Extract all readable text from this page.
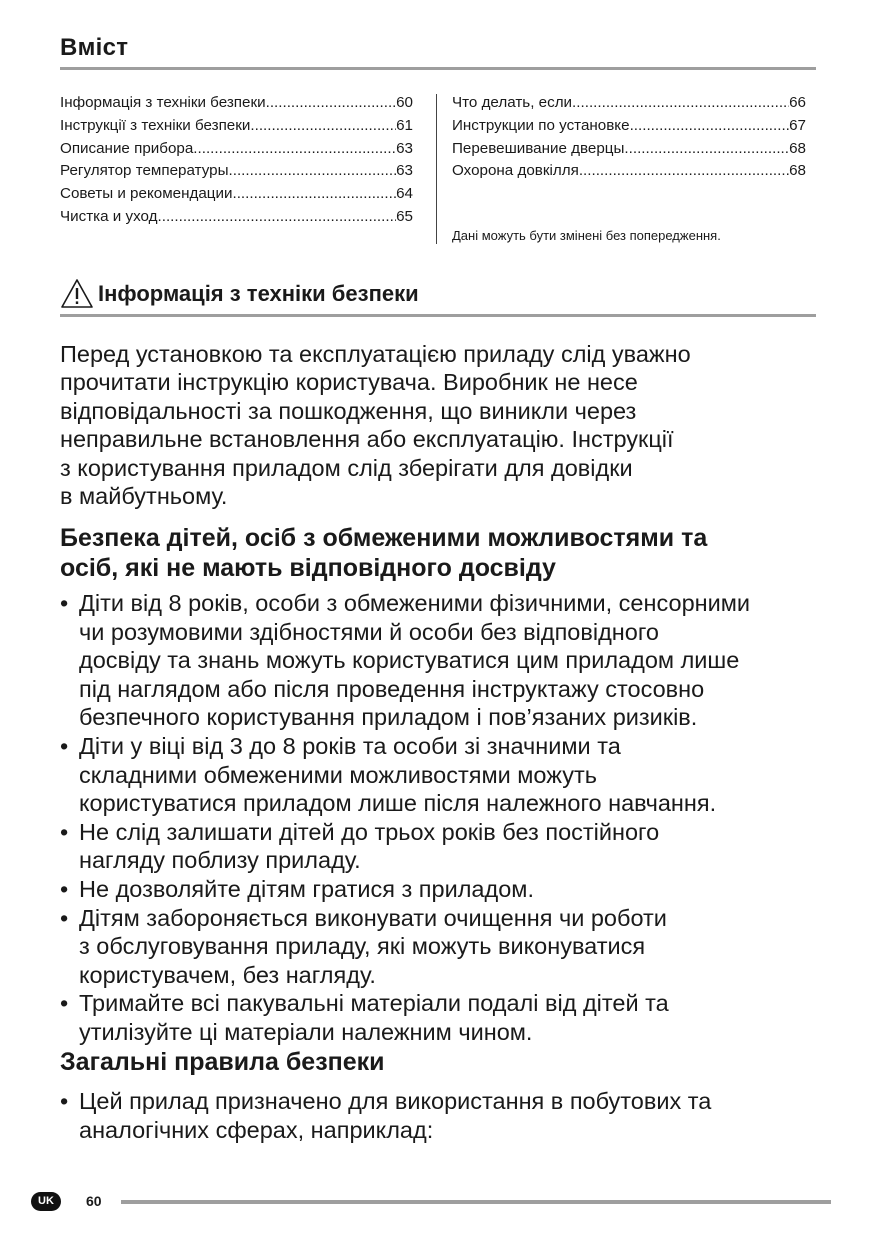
Вміст
Інформація з техніки безпеки .....	60
Інструкції з техніки безпеки .....	61
Описание прибора .....	63
Регулятор температуры .....	63
Советы и рекомендации .....	64
Чистка и уход .....	65
Что делать, если... .....	66
Инструкции по установке .....	67
Перевешивание дверцы .....	68
Охорона довкілля .....	68
Дані можуть бути змінені без попередження.
Інформація з техніки безпеки
Перед установкою та експлуатацією приладу слід уважно
прочитати інструкцію користувача. Виробник не несе
відповідальності за пошкодження, що виникли через
неправильне встановлення або експлуатацію. Інструкції
з користування приладом слід зберігати для довідки
в майбутньому.
Безпека дітей, осіб з обмеженими можливостями та
осіб, які не мають відповідного досвіду
• Діти від 8 років, особи з обмеженими фізичними, сенсорними
чи розумовими здібностями й особи без відповідного
досвіду та знань можуть користуватися цим приладом лише
під наглядом або після проведення інструктажу стосовно
безпечного користування приладом і пов’язаних ризиків.
• Діти у віці від 3 до 8 років та особи зі значними та
складними обмеженими можливостями можуть
користуватися приладом лише після належного навчання.
• Не слід залишати дітей до трьох років без постійного
нагляду поблизу приладу.
• Не дозволяйте дітям гратися з приладом.
• Дітям забороняється виконувати очищення чи роботи
з обслуговування приладу, які можуть виконуватися
користувачем, без нагляду.
• Тримайте всі пакувальні матеріали подалі від дітей та
утилізуйте ці матеріали належним чином.
Загальні правила безпеки
• Цей прилад призначено для використання в побутових та
аналогічних сферах, наприклад:
UK	60
